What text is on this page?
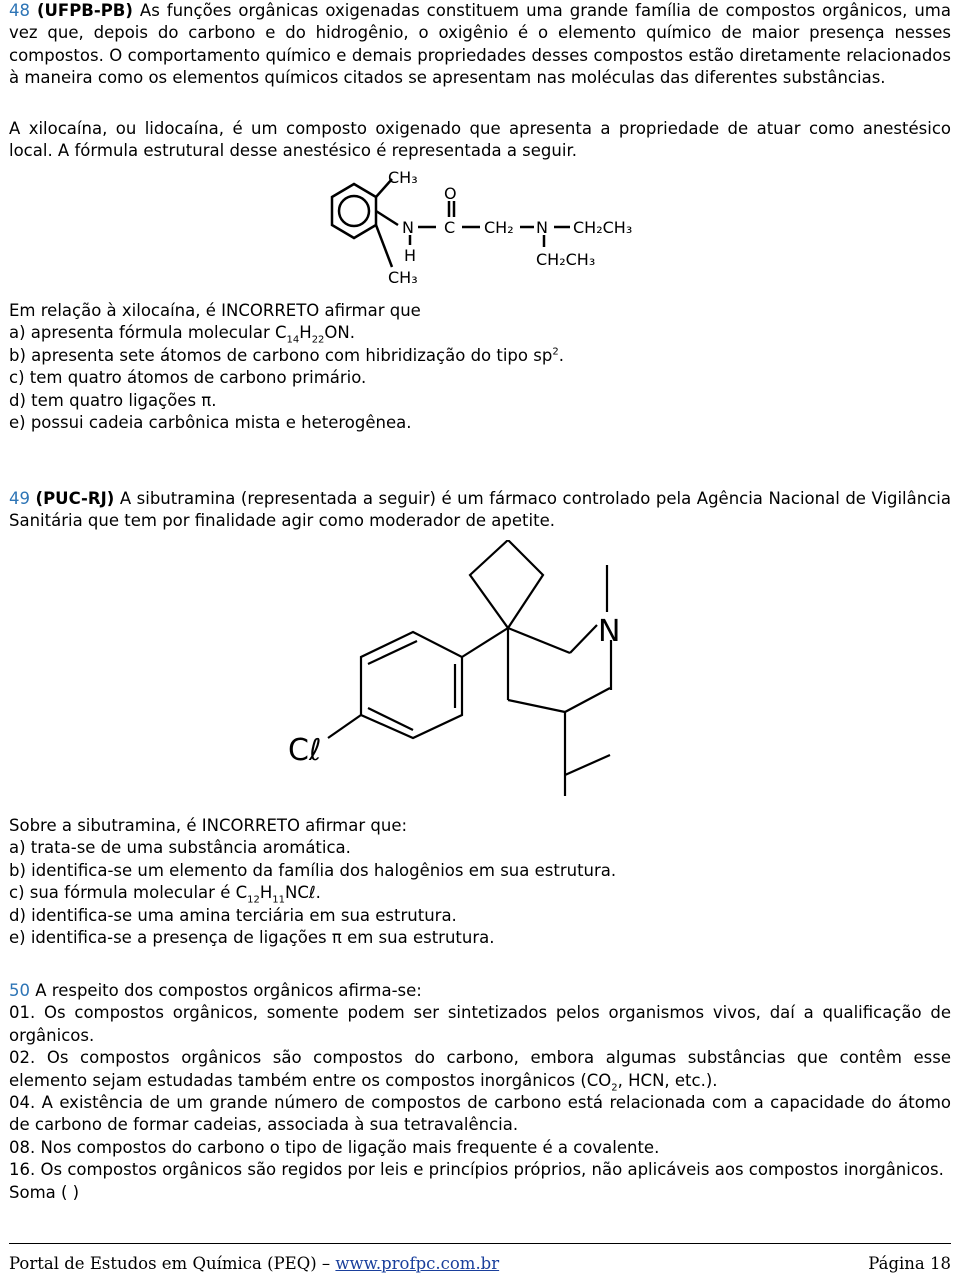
48 (UFPB-PB) As funções orgânicas oxigenadas constituem uma grande família de compostos orgânicos, uma vez que, depois do carbono e do hidrogênio, o oxigênio é o elemento químico de maior presença nesses compostos. O comportamento químico e demais propriedades desses compostos estão diretamente relacionados à maneira como os elementos químicos citados se apresentam nas moléculas das diferentes substâncias.
A xilocaína, ou lidocaína, é um composto oxigenado que apresenta a propriedade de atuar como anestésico local. A fórmula estrutural desse anestésico é representada a seguir.
CH₃
N
H
CH₃
O
C CH₂ N CH₂CH₃
CH₂CH₃
Em relação à xilocaína, é INCORRETO afirmar que
a) apresenta fórmula molecular $C_{14}H_{22}ON$.
b) apresenta sete átomos de carbono com hibridização do tipo $sp^2$.
c) tem quatro átomos de carbono primário.
d) tem quatro ligações π.
e) possui cadeia carbônica mista e heterogênea.
49 (PUC-RJ) A sibutramina (representada a seguir) é um fármaco controlado pela Agência Nacional de Vigilância Sanitária que tem por finalidade agir como moderador de apetite.
N
Cℓ
Sobre a sibutramina, é INCORRETO afirmar que:
a) trata-se de uma substância aromática.
b) identifica-se um elemento da família dos halogênios em sua estrutura.
c) sua fórmula molecular é $C_{12}H_{11}NC\ell$.
d) identifica-se uma amina terciária em sua estrutura.
e) identifica-se a presença de ligações π em sua estrutura.
50 A respeito dos compostos orgânicos afirma-se:
01. Os compostos orgânicos, somente podem ser sintetizados pelos organismos vivos, daí a qualificação de orgânicos.
02. Os compostos orgânicos são compostos do carbono, embora algumas substâncias que contêm esse elemento sejam estudadas também entre os compostos inorgânicos ($CO_2$, HCN, etc.).
04. A existência de um grande número de compostos de carbono está relacionada com a capacidade do átomo de carbono de formar cadeias, associada à sua tetravalência.
08. Nos compostos do carbono o tipo de ligação mais frequente é a covalente.
16. Os compostos orgânicos são regidos por leis e princípios próprios, não aplicáveis aos compostos inorgânicos.
Soma ( )
Portal de Estudos em Química (PEQ) – www.profpc.com.br	Página 18
